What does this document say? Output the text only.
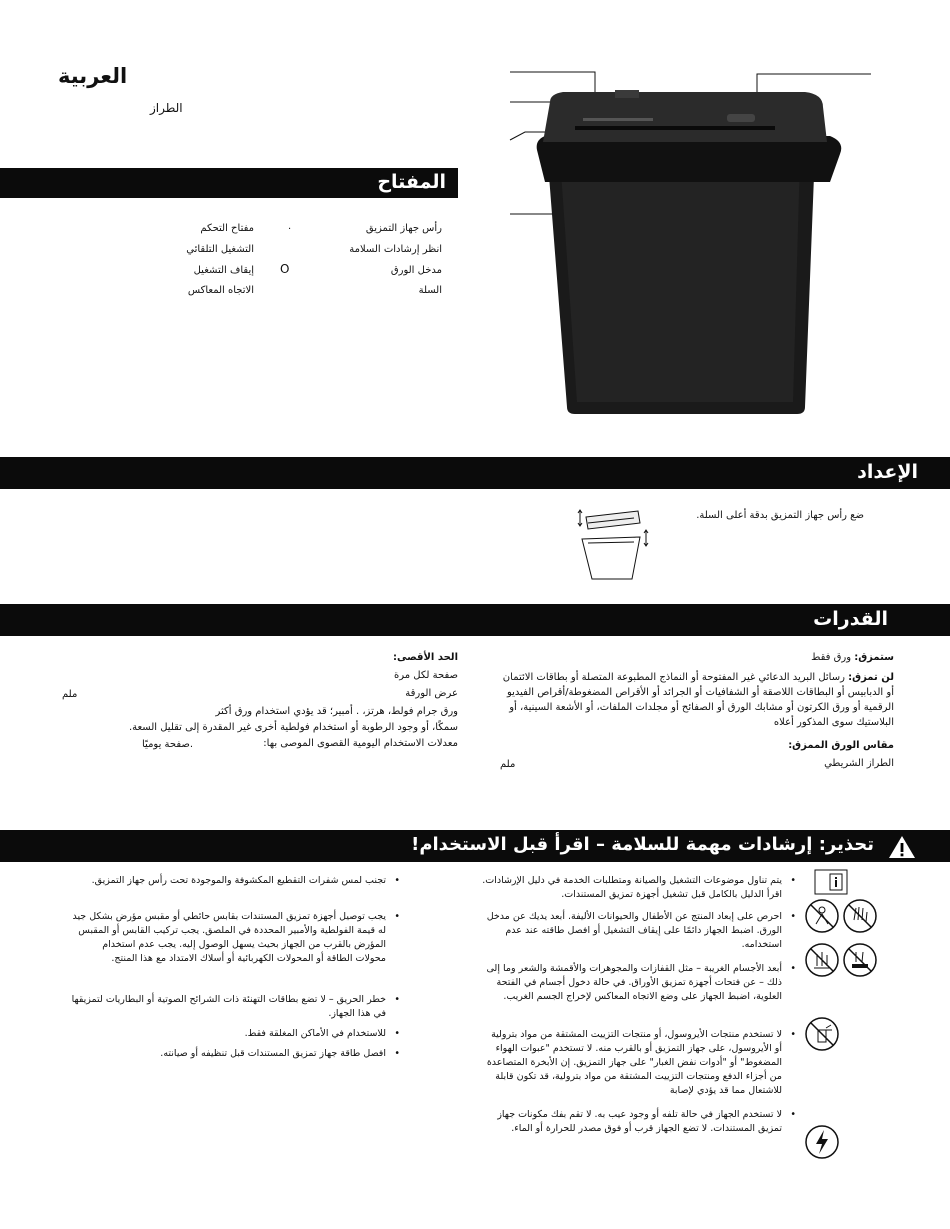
العربية
الطراز
المفتاح
رأس جهاز التمزيق
انظر إرشادات السلامة
مدخل الورق
السلة
.
مفتاح التحكم
التشغيل التلقائي
O
إيقاف التشغيل
الاتجاه المعاكس
الإعداد
ضع رأس جهاز التمزيق بدقة أعلى السلة.
القدرات
ستمزق: ورق فقط
لن تمزق: رسائل البريد الدعائي غير المفتوحة أو النماذج المطبوعة المتصلة أو بطاقات الائتمان أو الدبابيس أو البطاقات اللاصقة أو الشفافيات أو الجرائد أو الأقراص المضغوطة/أقراص الفيديو الرقمية أو ورق الكرتون أو مشابك الورق أو الصفائح أو مجلدات الملفات، أو الأشعة السينية، أو البلاستيك سوى المذكور أعلاه
مقاس الورق الممزق:
الطراز الشريطي
ملم
الحد الأقصى:
صفحة لكل مرة
عرض الورقة
ملم
ورق جرام فولط، هرتز، . أمبير؛ قد يؤدي استخدام ورق أكثر
سمكًا، أو وجود الرطوبة أو استخدام فولطية أخرى غير المقدرة إلى تقليل السعة.
معدلات الاستخدام اليومية القصوى الموصى بها:
صفحة يوميًا.
تحذير: إرشادات مهمة للسلامة – اقرأ قبل الاستخدام!
• يتم تناول موضوعات التشغيل والصيانة ومتطلبات الخدمة في دليل الإرشادات. اقرأ الدليل بالكامل قبل تشغيل أجهزة تمزيق المستندات.
• احرص على إبعاد المنتج عن الأطفال والحيوانات الأليفة. أبعد يديك عن مدخل الورق. اضبط الجهاز دائمًا على إيقاف التشغيل أو افصل طاقته عند عدم استخدامه.
• أبعد الأجسام الغريبة – مثل القفازات والمجوهرات والأقمشة والشعر وما إلى ذلك – عن فتحات أجهزة تمزيق الأوراق. في حالة دخول أجسام في الفتحة العلوية، اضبط الجهاز على وضع الاتجاه المعاكس لإخراج الجسم الغريب.
• لا تستخدم منتجات الأيروسول، أو منتجات التزييت المشتقة من مواد بترولية أو الأيروسول، على جهاز التمزيق أو بالقرب منه. لا تستخدم "عبوات الهواء المضغوط" أو "أدوات نفض الغبار" على جهاز التمزيق. إن الأبخرة المتصاعدة من أجزاء الدفع ومنتجات التزييت المشتقة من مواد بترولية، قد تكون قابلة للاشتعال مما قد يؤدي لإصابة
• لا تستخدم الجهاز في حالة تلفه أو وجود عيب به. لا تقم بفك مكونات جهاز تمزيق المستندات. لا تضع الجهاز قرب أو فوق مصدر للحرارة أو الماء.
• تجنب لمس شفرات التقطيع المكشوفة والموجودة تحت رأس جهاز التمزيق.
• يجب توصيل أجهزة تمزيق المستندات بقابس حائطي أو مقبس مؤرض بشكل جيد له قيمة الفولطية والأمبير المحددة في الملصق. يجب تركيب القابس أو المقبس المؤرض بالقرب من الجهاز بحيث يسهل الوصول إليه. يجب عدم استخدام محولات الطاقة أو المحولات الكهربائية أو أسلاك الامتداد مع هذا المنتج.
• خطر الحريق – لا تضع بطاقات التهنئة ذات الشرائح الصوتية أو البطاريات لتمزيقها في هذا الجهاز.
• للاستخدام في الأماكن المغلقة فقط.
• افصل طاقة جهاز تمزيق المستندات قبل تنظيفه أو صيانته.
